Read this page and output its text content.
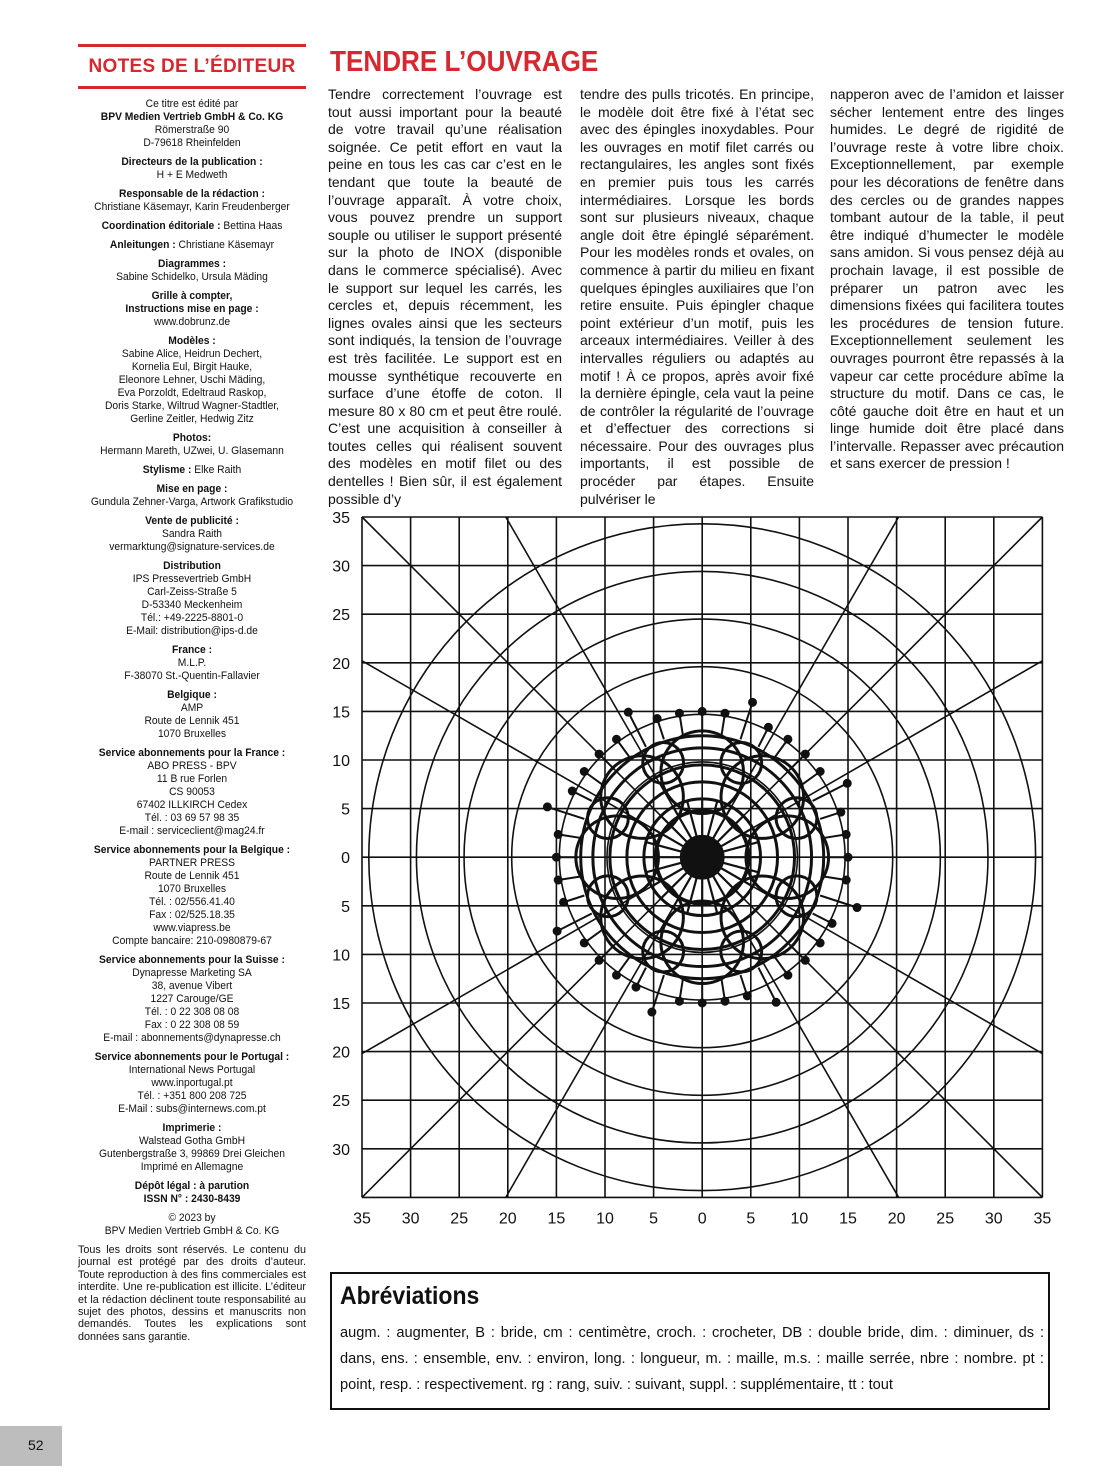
NOTES DE L’ÉDITEUR
Ce titre est édité par
BPV Medien Vertrieb GmbH & Co. KG
Römerstraße 90
D-79618 Rheinfelden
Directeurs de la publication :
H + E Medweth
Responsable de la rédaction :
Christiane Käsemayr, Karin Freudenberger
Coordination éditoriale : Bettina Haas
Anleitungen : Christiane Käsemayr
Diagrammes :
Sabine Schidelko, Ursula Mäding
Grille à compter,
Instructions mise en page :
www.dobrunz.de
Modèles :
Sabine Alice, Heidrun Dechert,
Kornelia Eul, Birgit Hauke,
Eleonore Lehner, Uschi Mäding,
Eva Porzoldt, Edeltraud Raskop,
Doris Starke, Wiltrud Wagner-Stadtler,
Gerline Zeitler, Hedwig Zitz
Photos:
Hermann Mareth, UZwei, U. Glasemann
Stylisme : Elke Raith
Mise en page :
Gundula Zehner-Varga, Artwork Grafikstudio
Vente de publicité :
Sandra Raith
vermarktung@signature-services.de
Distribution
IPS Pressevertrieb GmbH
Carl-Zeiss-Straße 5
D-53340 Meckenheim
Tél.: +49-2225-8801-0
E-Mail: distribution@ips-d.de
France :
M.L.P.
F-38070 St.-Quentin-Fallavier
Belgique :
AMP
Route de Lennik 451
1070 Bruxelles
Service abonnements pour la France :
ABO PRESS - BPV
11 B rue Forlen
CS 90053
67402 ILLKIRCH Cedex
Tél. : 03 69 57 98 35
E-mail : serviceclient@mag24.fr
Service abonnements pour la Belgique :
PARTNER PRESS
Route de Lennik 451
1070 Bruxelles
Tél. : 02/556.41.40
Fax : 02/525.18.35
www.viapress.be
Compte bancaire: 210-0980879-67
Service abonnements pour la Suisse :
Dynapresse Marketing SA
38, avenue Vibert
1227 Carouge/GE
Tél. : 0 22 308 08 08
Fax : 0 22 308 08 59
E-mail : abonnements@dynapresse.ch
Service abonnements pour le Portugal :
International News Portugal
www.inportugal.pt
Tél. : +351 800 208 725
E-Mail : subs@internews.com.pt
Imprimerie :
Walstead Gotha GmbH
Gutenbergstraße 3, 99869 Drei Gleichen
Imprimé en Allemagne
Dépôt légal : à parution
ISSN N° : 2430-8439
© 2023 by
BPV Medien Vertrieb GmbH & Co. KG
Tous les droits sont réservés. Le contenu du journal est protégé par des droits d’auteur. Toute reproduction à des fins commerciales est interdite. Une re-publication est illicite. L’éditeur et la rédaction déclinent toute responsabilité au sujet des photos, dessins et manuscrits non demandés. Toutes les explications sont données sans garantie.
TENDRE L’OUVRAGE
Tendre correctement l’ouvrage est tout aussi important pour la beauté de votre travail qu’une réalisation soignée. Ce petit effort en vaut la peine en tous les cas car c’est en le tendant que toute la beauté de l’ouvrage apparaît. À votre choix, vous pouvez prendre un support souple ou utiliser le support présenté sur la photo de INOX (disponible dans le commerce spécialisé). Avec le support sur lequel les carrés, les cercles et, depuis récemment, les lignes ovales ainsi que les secteurs sont indiqués, la tension de l’ouvrage est très facilitée. Le support est en mousse synthétique recouverte en surface d’une étoffe de coton. Il mesure 80 x 80 cm et peut être roulé. C’est une acquisition à conseiller à toutes celles qui réalisent souvent des modèles en motif filet ou des dentelles ! Bien sûr, il est également possible d’y
tendre des pulls tricotés. En principe, le modèle doit être fixé à l’état sec avec des épingles inoxydables. Pour les ouvrages en motif filet carrés ou rectangulaires, les angles sont fixés en premier puis tous les carrés intermédiaires. Lorsque les bords sont sur plusieurs niveaux, chaque angle doit être épinglé séparément. Pour les modèles ronds et ovales, on commence à partir du milieu en fixant quelques épingles auxiliaires que l’on retire ensuite. Puis épingler chaque point extérieur d’un motif, puis les arceaux intermédiaires. Veiller à des intervalles réguliers ou adaptés au motif ! À ce propos, après avoir fixé la dernière épingle, cela vaut la peine de contrôler la régularité de l’ouvrage et d’effectuer des corrections si nécessaire. Pour des ouvrages plus importants, il est possible de procéder par étapes. Ensuite pulvériser le
napperon avec de l’amidon et laisser sécher lentement entre des linges humides. Le degré de rigidité de l’ouvrage reste à votre libre choix. Exceptionnellement, par exemple pour les décorations de fenêtre dans des cercles ou de grandes nappes tombant autour de la table, il peut être indiqué d’humecter le modèle sans amidon. Si vous pensez déjà au prochain lavage, il est possible de préparer un patron avec les dimensions fixées qui facilitera toutes les procédures de tension future. Exceptionnellement seulement les ouvrages pourront être repassés à la vapeur car cette procédure abîme la structure du motif. Dans ce cas, le côté gauche doit être en haut et un linge humide doit être placé dans l’intervalle. Repasser avec précaution et sans exercer de pression !
35
30
25
20
15
10
5
0
5
10
15
20
25
30
35 30 25 20 15 10 5 0 5 10 15 20 25 30 35
Abréviations
augm. : augmenter, B : bride, cm : centimètre, croch. : crocheter, DB : double bride, dim. : diminuer, ds : dans, ens. : ensemble, env. : environ, long. : longueur, m. : maille, m.s. : maille serrée, nbre : nombre. pt : point, resp. : respectivement. rg : rang, suiv. : suivant, suppl. : supplémentaire, tt : tout
52
